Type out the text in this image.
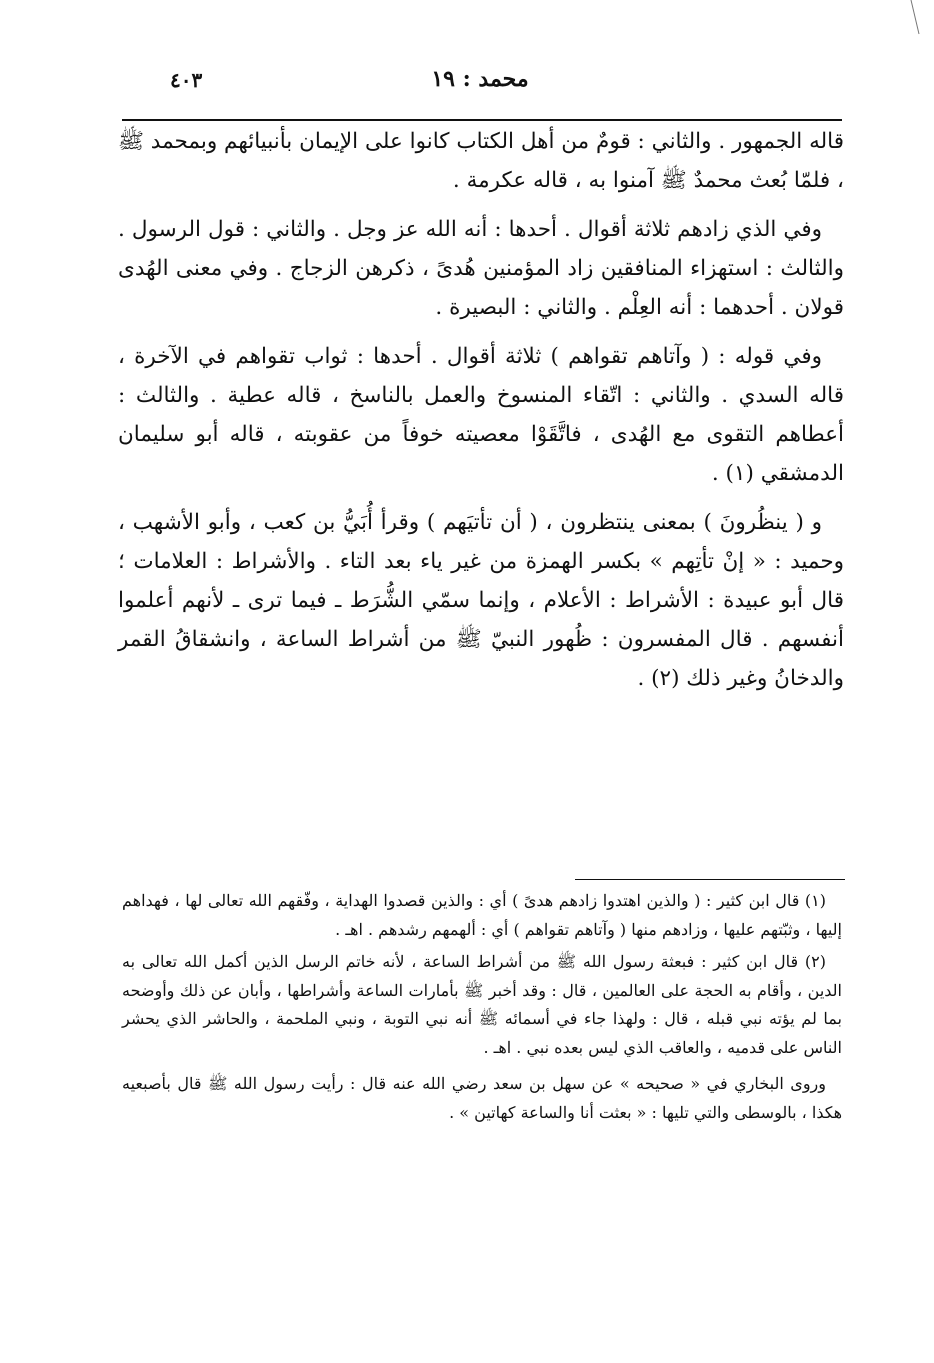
٤٠٣	محمد : ١٩

قاله الجمهور . والثاني : قومٌ من أهل الكتاب كانوا على الإيمان بأنبيائهم وبمحمد ﷺ ، فلمّا بُعث محمدٌ ﷺ آمنوا به ، قاله عكرمة .

وفي الذي زادهم ثلاثة أقوال . أحدها : أنه الله عز وجل . والثاني : قول الرسول . والثالث : استهزاء المنافقين زاد المؤمنين هُدىً ، ذكرهن الزجاج . وفي معنى الهُدى قولان . أحدهما : أنه العِلْم . والثاني : البصيرة .

وفي قوله : ( وآتاهم تقواهم ) ثلاثة أقوال . أحدها : ثواب تقواهم في الآخرة ، قاله السدي . والثاني : اتّقاء المنسوخ والعمل بالناسخ ، قاله عطية . والثالث : أعطاهم التقوى مع الهُدى ، فاتَّقَوْا معصيته خوفاً من عقوبته ، قاله أبو سليمان الدمشقي (١) .

و ( ينظُرونَ ) بمعنى ينتظرون ، ( أن تأتيَهم ) وقرأ أُبَيُّ بن كعب ، وأبو الأشهب ، وحميد : « إنْ تأتِهم » بكسر الهمزة من غير ياء بعد التاء . والأشراط : العلامات ؛ قال أبو عبيدة : الأشراط : الأعلام ، وإنما سمّي الشُّرَط ـ فيما ترى ـ لأنهم أعلموا أنفسهم . قال المفسرون : ظُهور النبيّ ﷺ من أشراط الساعة ، وانشقاقُ القمر والدخانُ وغير ذلك (٢) .

(١) قال ابن كثير : ( والذين اهتدوا زادهم هدىً ) أي : والذين قصدوا الهداية ، وفّقهم الله تعالى لها ، فهداهم إليها ، وثبّتهم عليها ، وزادهم منها ( وآتاهم تقواهم ) أي : ألهمهم رشدهم . اهـ .

(٢) قال ابن كثير : فبعثة رسول الله ﷺ من أشراط الساعة ، لأنه خاتم الرسل الذين أكمل الله تعالى به الدين ، وأقام به الحجة على العالمين ، قال : وقد أخبر ﷺ بأمارات الساعة وأشراطها ، وأبان عن ذلك وأوضحه بما لم يؤته نبي قبله ، قال : ولهذا جاء في أسمائه ﷺ أنه نبي التوبة ، ونبي الملحمة ، والحاشر الذي يحشر الناس على قدميه ، والعاقب الذي ليس بعده نبي . اهـ .

وروى البخاري في « صحيحه » عن سهل بن سعد رضي الله عنه قال : رأيت رسول الله ﷺ قال بأصبعيه هكذا ، بالوسطى والتي تليها : « بعثت أنا والساعة كهاتين » .
